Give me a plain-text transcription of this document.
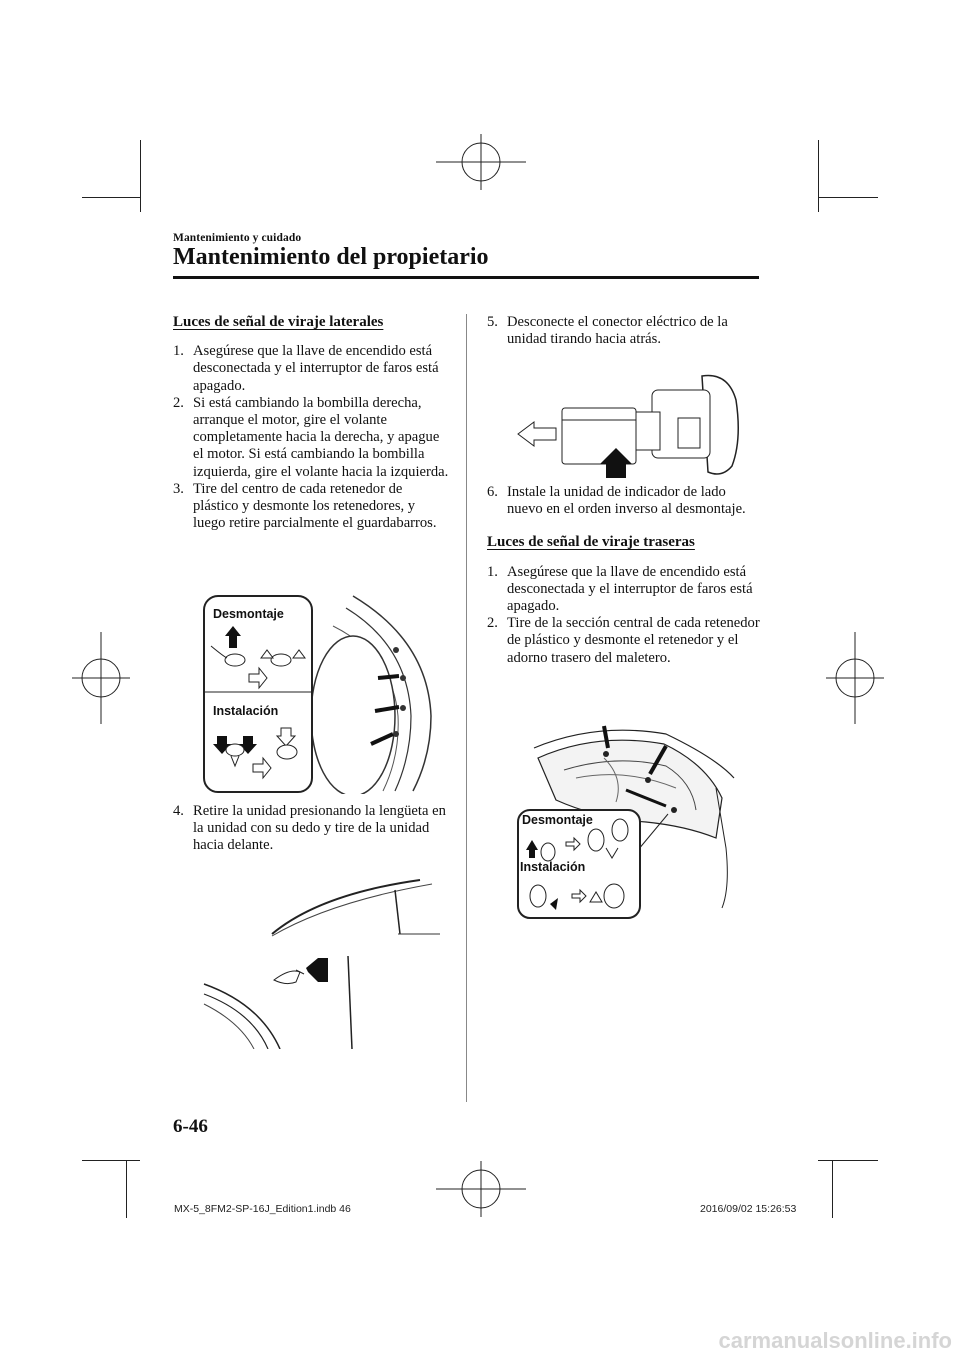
Mantenimiento y cuidado
Mantenimiento del propietario
Luces de señal de viraje laterales
1. Asegúrese que la llave de encendido está desconectada y el interruptor de faros está apagado.
2. Si está cambiando la bombilla derecha, arranque el motor, gire el volante completamente hacia la derecha, y apague el motor. Si está cambiando la bombilla izquierda, gire el volante hacia la izquierda.
3. Tire del centro de cada retenedor de plástico y desmonte los retenedores, y luego retire parcialmente el guardabarros.
Desmontaje
Instalación
4. Retire la unidad presionando la lengüeta en la unidad con su dedo y tire de la unidad hacia delante.
5. Desconecte el conector eléctrico de la unidad tirando hacia atrás.
6. Instale la unidad de indicador de lado nuevo en el orden inverso al desmontaje.
Luces de señal de viraje traseras
1. Asegúrese que la llave de encendido está desconectada y el interruptor de faros está apagado.
2. Tire de la sección central de cada retenedor de plástico y desmonte el retenedor y el adorno trasero del maletero.
Desmontaje
Instalación
6-46
MX-5_8FM2-SP-16J_Edition1.indb 46	2016/09/02 15:26:53
carmanualsonline.info
